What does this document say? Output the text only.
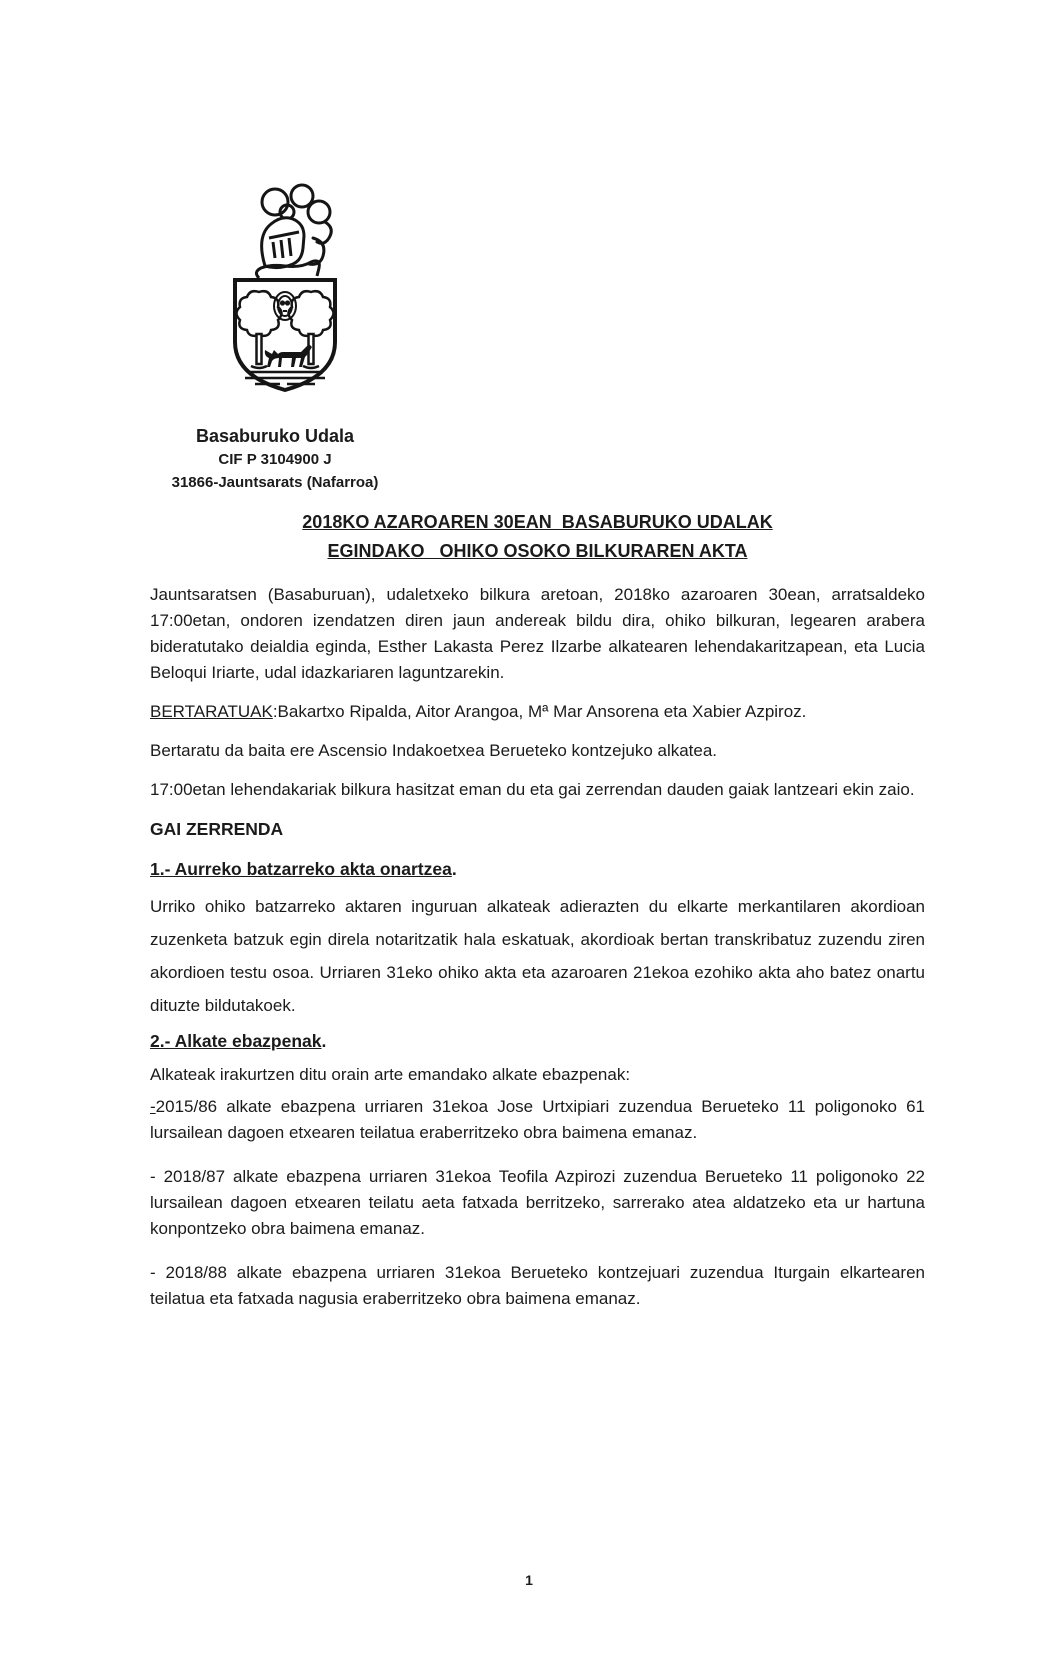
Basaburuko Udala
CIF P 3104900 J
31866-Jauntsarats (Nafarroa)
2018KO AZAROAREN 30EAN  BASABURUKO UDALAK
EGINDAKO   OHIKO OSOKO BILKURAREN AKTA

Jauntsaratsen (Basaburuan), udaletxeko bilkura aretoan, 2018ko azaroaren 30ean, arratsaldeko 17:00etan, ondoren izendatzen diren jaun andereak bildu dira, ohiko bilkuran, legearen arabera bideratutako deialdia eginda, Esther Lakasta Perez Ilzarbe alkatearen lehendakaritzapean, eta Lucia Beloqui Iriarte, udal idazkariaren laguntzarekin.

BERTARATUAK:Bakartxo Ripalda, Aitor Arangoa, Mª Mar Ansorena eta Xabier Azpiroz.

Bertaratu da baita ere Ascensio Indakoetxea Berueteko kontzejuko alkatea.

17:00etan lehendakariak bilkura hasitzat eman du eta gai zerrendan dauden gaiak lantzeari ekin zaio.

GAI ZERRENDA
1.- Aurreko batzarreko akta onartzea.

Urriko ohiko batzarreko aktaren inguruan alkateak adierazten du elkarte merkantilaren akordioan zuzenketa batzuk egin direla notaritzatik hala eskatuak, akordioak bertan transkribatuz zuzendu ziren akordioen testu osoa. Urriaren 31eko ohiko akta eta azaroaren 21ekoa ezohiko akta aho batez onartu dituzte bildutakoek.

2.- Alkate ebazpenak.

Alkateak irakurtzen ditu orain arte emandako alkate ebazpenak:

-2015/86 alkate ebazpena urriaren 31ekoa Jose Urtxipiari zuzendua Berueteko 11 poligonoko 61 lursailean dagoen etxearen teilatua eraberritzeko obra baimena emanaz.

- 2018/87 alkate ebazpena urriaren 31ekoa Teofila Azpirozi zuzendua Berueteko 11 poligonoko 22 lursailean dagoen etxearen teilatu aeta fatxada berritzeko, sarrerako atea aldatzeko eta ur hartuna konpontzeko obra baimena emanaz.

- 2018/88 alkate ebazpena urriaren 31ekoa Berueteko kontzejuari zuzendua Iturgain elkartearen teilatua eta fatxada nagusia eraberritzeko obra baimena emanaz.

1
